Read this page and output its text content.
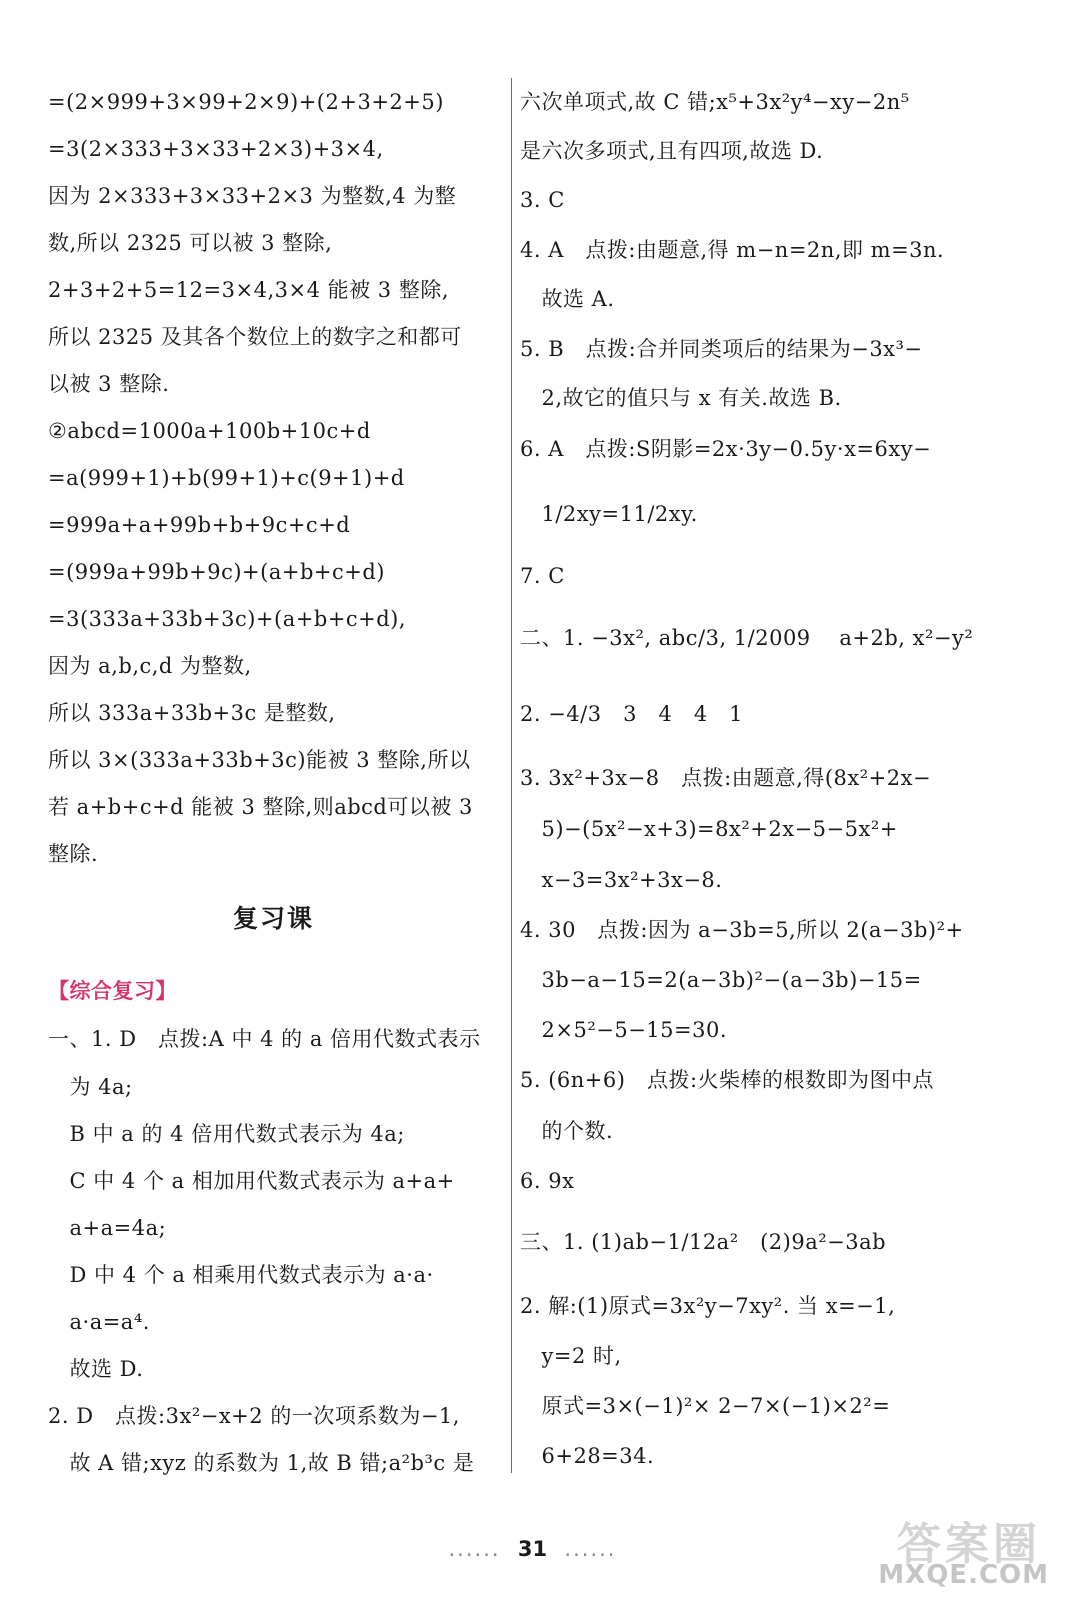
=(2×999+3×99+2×9)+(2+3+2+5)
=3(2×333+3×33+2×3)+3×4,
因为 2×333+3×33+2×3 为整数,4 为整
数,所以 2325 可以被 3 整除,
2+3+2+5=12=3×4,3×4 能被 3 整除,
所以 2325 及其各个数位上的数字之和都可
以被 3 整除.
②abcd=1000a+100b+10c+d
=a(999+1)+b(99+1)+c(9+1)+d
=999a+a+99b+b+9c+c+d
=(999a+99b+9c)+(a+b+c+d)
=3(333a+33b+3c)+(a+b+c+d),
因为 a,b,c,d 为整数,
所以 333a+33b+3c 是整数,
所以 3×(333a+33b+3c)能被 3 整除,所以
若 a+b+c+d 能被 3 整除,则abcd可以被 3
整除.
复习课
【综合复习】
一、1. D　点拨:A 中 4 的 a 倍用代数式表示
　为 4a;
　B 中 a 的 4 倍用代数式表示为 4a;
　C 中 4 个 a 相加用代数式表示为 a+a+
　a+a=4a;
　D 中 4 个 a 相乘用代数式表示为 a·a·
　a·a=a⁴.
　故选 D.
2. D　点拨:3x²−x+2 的一次项系数为−1,
　故 A 错;xyz 的系数为 1,故 B 错;a²b³c 是
六次单项式,故 C 错;x⁵+3x²y⁴−xy−2n⁵
是六次多项式,且有四项,故选 D.
3. C
4. A　点拨:由题意,得 m−n=2n,即 m=3n.
　故选 A.
5. B　点拨:合并同类项后的结果为−3x³−
　2,故它的值只与 x 有关.故选 B.
6. A　点拨:S阴影=2x·3y−0.5y·x=6xy−
　1/2xy=11/2xy.
7. C
二、1. −3x², abc/3, 1/2009　 a+2b, x²−y²
2. −4/3　3　4　4　1
3. 3x²+3x−8　点拨:由题意,得(8x²+2x−
　5)−(5x²−x+3)=8x²+2x−5−5x²+
　x−3=3x²+3x−8.
4. 30　点拨:因为 a−3b=5,所以 2(a−3b)²+
　3b−a−15=2(a−3b)²−(a−3b)−15=
　2×5²−5−15=30.
5. (6n+6)　点拨:火柴棒的根数即为图中点
　的个数.
6. 9x
三、1. (1)ab−1/12a²　(2)9a²−3ab
2. 解:(1)原式=3x²y−7xy². 当 x=−1,
　y=2 时,
　原式=3×(−1)²× 2−7×(−1)×2²=
　6+28=34.
...... 31 ......	答案圈
MXQE.COM
